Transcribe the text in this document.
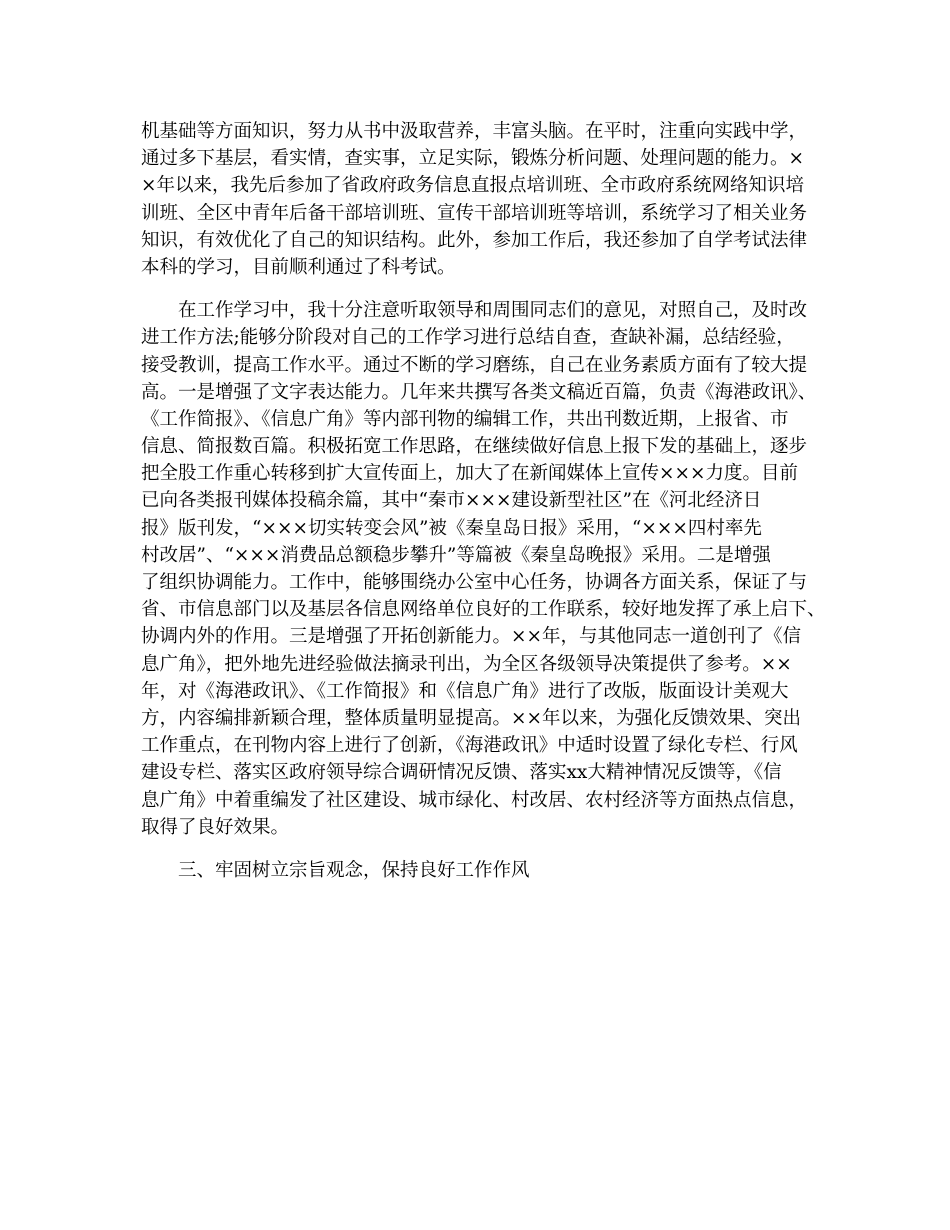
机基础等方面知识，努力从书中汲取营养，丰富头脑。在平时，注重向实践中学，
通过多下基层，看实情，查实事，立足实际，锻炼分析问题、处理问题的能力。×
×年以来，我先后参加了省政府政务信息直报点培训班、全市政府系统网络知识培
训班、全区中青年后备干部培训班、宣传干部培训班等培训，系统学习了相关业务
知识，有效优化了自己的知识结构。此外，参加工作后，我还参加了自学考试法律
本科的学习，目前顺利通过了科考试。
　　在工作学习中，我十分注意听取领导和周围同志们的意见，对照自己，及时改
进工作方法;能够分阶段对自己的工作学习进行总结自查，查缺补漏，总结经验，
接受教训，提高工作水平。通过不断的学习磨练，自己在业务素质方面有了较大提
高。一是增强了文字表达能力。几年来共撰写各类文稿近百篇，负责《海港政讯》、
《工作简报》、《信息广角》等内部刊物的编辑工作，共出刊数近期，上报省、市
信息、简报数百篇。积极拓宽工作思路，在继续做好信息上报下发的基础上，逐步
把全股工作重心转移到扩大宣传面上，加大了在新闻媒体上宣传×××力度。目前
已向各类报刊媒体投稿余篇，其中“秦市×××建设新型社区”在《河北经济日
报》版刊发，“×××切实转变会风”被《秦皇岛日报》采用，“×××四村率先
村改居”、“×××消费品总额稳步攀升”等篇被《秦皇岛晚报》采用。二是增强
了组织协调能力。工作中，能够围绕办公室中心任务，协调各方面关系，保证了与
省、市信息部门以及基层各信息网络单位良好的工作联系，较好地发挥了承上启下、
协调内外的作用。三是增强了开拓创新能力。××年，与其他同志一道创刊了《信
息广角》，把外地先进经验做法摘录刊出，为全区各级领导决策提供了参考。××
年，对《海港政讯》、《工作简报》和《信息广角》进行了改版，版面设计美观大
方，内容编排新颖合理，整体质量明显提高。××年以来，为强化反馈效果、突出
工作重点，在刊物内容上进行了创新，《海港政讯》中适时设置了绿化专栏、行风
建设专栏、落实区政府领导综合调研情况反馈、落实xx大精神情况反馈等，《信
息广角》中着重编发了社区建设、城市绿化、村改居、农村经济等方面热点信息，
取得了良好效果。
　　三、牢固树立宗旨观念，保持良好工作作风
